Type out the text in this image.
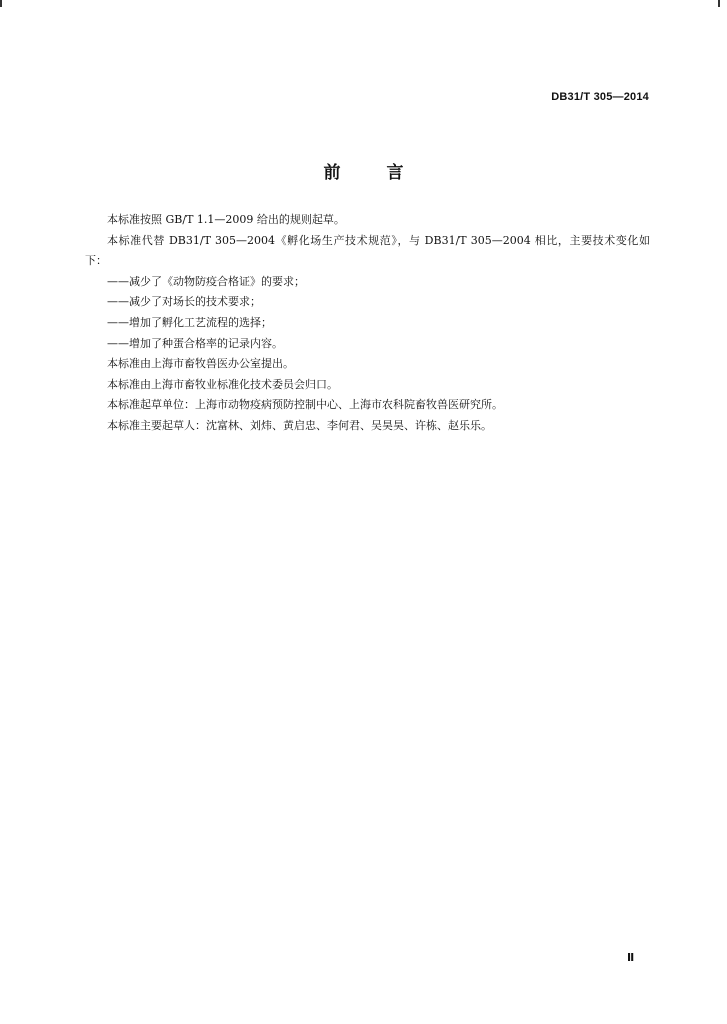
DB31/T 305—2014
前	言

本标准按照 GB/T 1.1—2009 给出的规则起草。

本标准代替 DB31/T 305—2004《孵化场生产技术规范》，与 DB31/T 305—2004 相比，主要技术变化如下：

——减少了《动物防疫合格证》的要求；

——减少了对场长的技术要求；

——增加了孵化工艺流程的选择；

——增加了种蛋合格率的记录内容。

本标准由上海市畜牧兽医办公室提出。

本标准由上海市畜牧业标准化技术委员会归口。

本标准起草单位：上海市动物疫病预防控制中心、上海市农科院畜牧兽医研究所。

本标准主要起草人：沈富林、刘炜、黄启忠、李何君、吴昊昊、许栋、赵乐乐。

Ⅱ
